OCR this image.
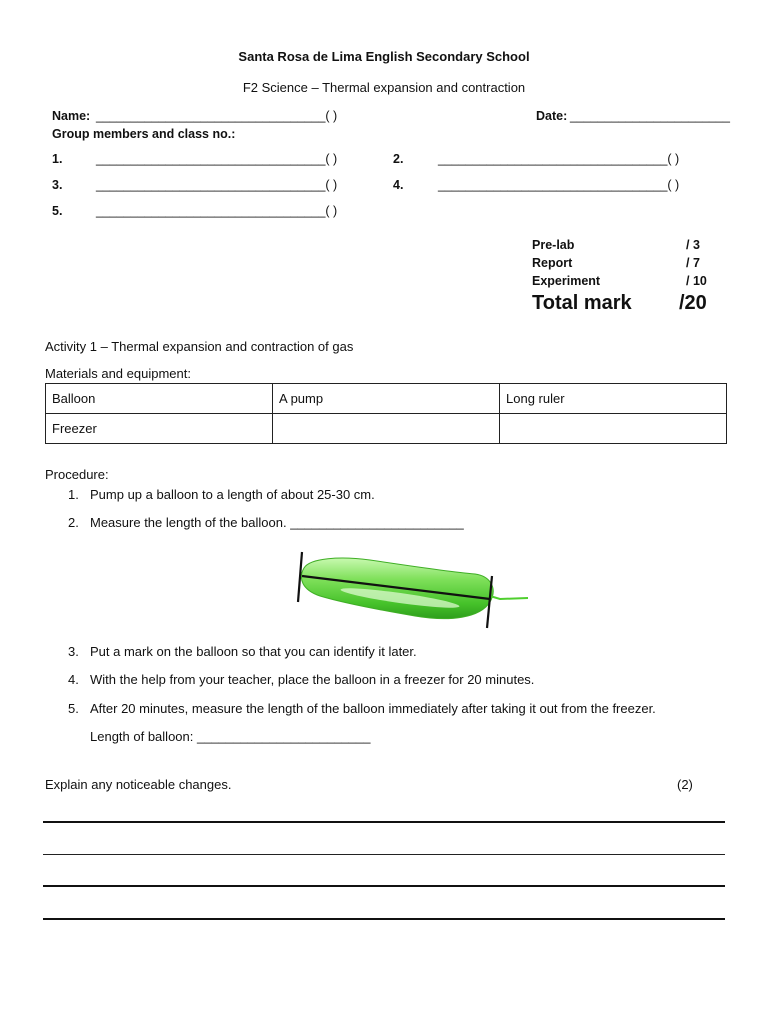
Santa Rosa de Lima English Secondary School
F2 Science – Thermal expansion and contraction
Name: _________________________________( )	Date: _______________________
Group members and class no.:
1.	_________________________________( )	2.	_________________________________( )
3.	_________________________________( )	4.	_________________________________( )
5.	_________________________________( )
Pre-lab	/ 3
Report	/ 7
Experiment	/ 10
Total mark /20
Activity 1 – Thermal expansion and contraction of gas
Materials and equipment:
Balloon	A pump	Long ruler
Freezer		
Procedure:
1. Pump up a balloon to a length of about 25-30 cm.
2. Measure the length of the balloon. ________________________
3. Put a mark on the balloon so that you can identify it later.
4. With the help from your teacher, place the balloon in a freezer for 20 minutes.
5. After 20 minutes, measure the length of the balloon immediately after taking it out from the freezer.
Length of balloon: ________________________
Explain any noticeable changes.	(2)
